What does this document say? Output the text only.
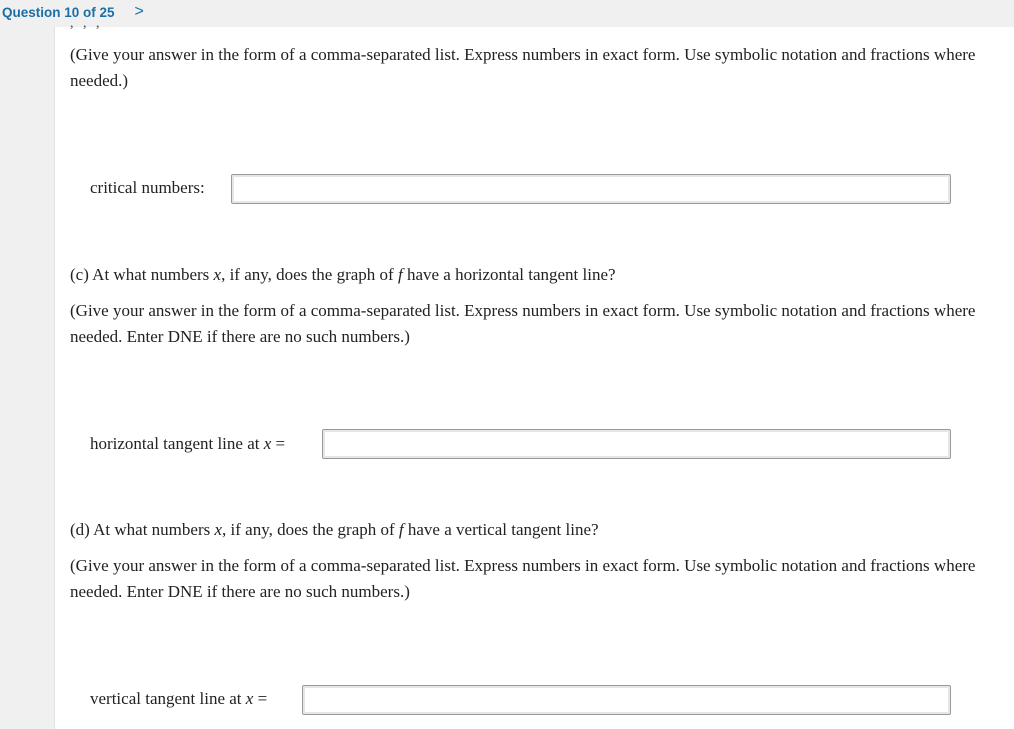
Question 10 of 25 >
, , ,

(Give your answer in the form of a comma-separated list. Express numbers in exact form. Use symbolic notation and fractions where needed.)

critical numbers:

(c) At what numbers x, if any, does the graph of f have a horizontal tangent line?

(Give your answer in the form of a comma-separated list. Express numbers in exact form. Use symbolic notation and fractions where needed. Enter DNE if there are no such numbers.)

horizontal tangent line at x =

(d) At what numbers x, if any, does the graph of f have a vertical tangent line?

(Give your answer in the form of a comma-separated list. Express numbers in exact form. Use symbolic notation and fractions where needed. Enter DNE if there are no such numbers.)

vertical tangent line at x =
